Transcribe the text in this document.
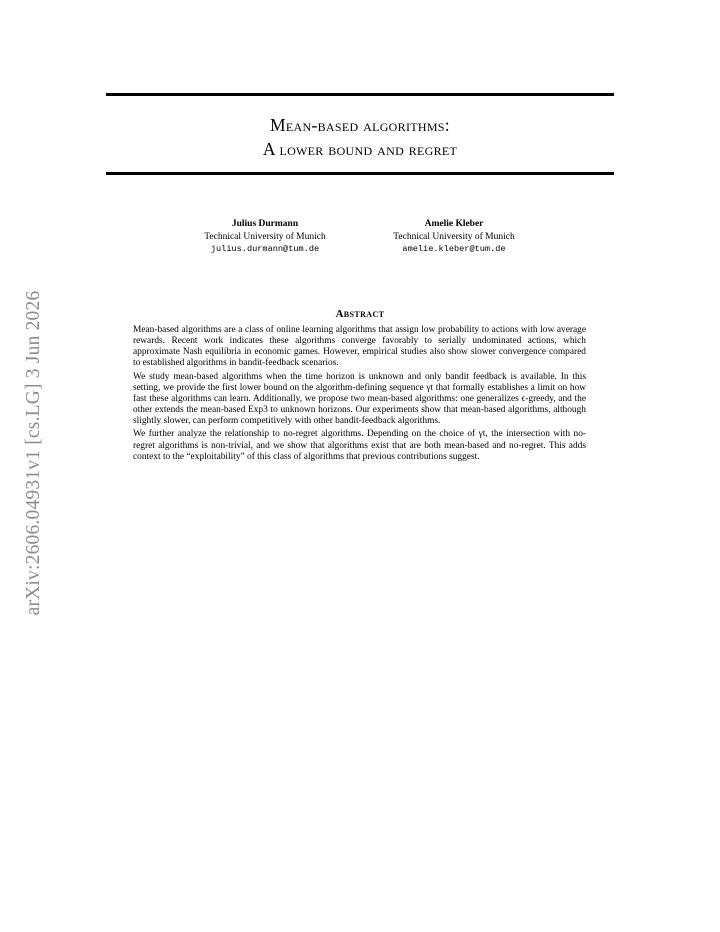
arXiv:2606.04931v1 [cs.LG] 3 Jun 2026
Mean-based algorithms:
A lower bound and regret
Julius Durmann
Technical University of Munich
julius.durmann@tum.de
Amelie Kleber
Technical University of Munich
amelie.kleber@tum.de
Abstract

Mean-based algorithms are a class of online learning algorithms that assign low probability to actions with low average rewards. Recent work indicates these algorithms converge favorably to serially undominated actions, which approximate Nash equilibria in economic games. However, empirical studies also show slower convergence compared to established algorithms in bandit-feedback scenarios.

We study mean-based algorithms when the time horizon is unknown and only bandit feedback is available. In this setting, we provide the first lower bound on the algorithm-defining sequence γt that formally establishes a limit on how fast these algorithms can learn. Additionally, we propose two mean-based algorithms: one generalizes ϵ-greedy, and the other extends the mean-based Exp3 to unknown horizons. Our experiments show that mean-based algorithms, although slightly slower, can perform competitively with other bandit-feedback algorithms.

We further analyze the relationship to no-regret algorithms. Depending on the choice of γt, the intersection with no-regret algorithms is non-trivial, and we show that algorithms exist that are both mean-based and no-regret. This adds context to the “exploitability” of this class of algorithms that previous contributions suggest.
